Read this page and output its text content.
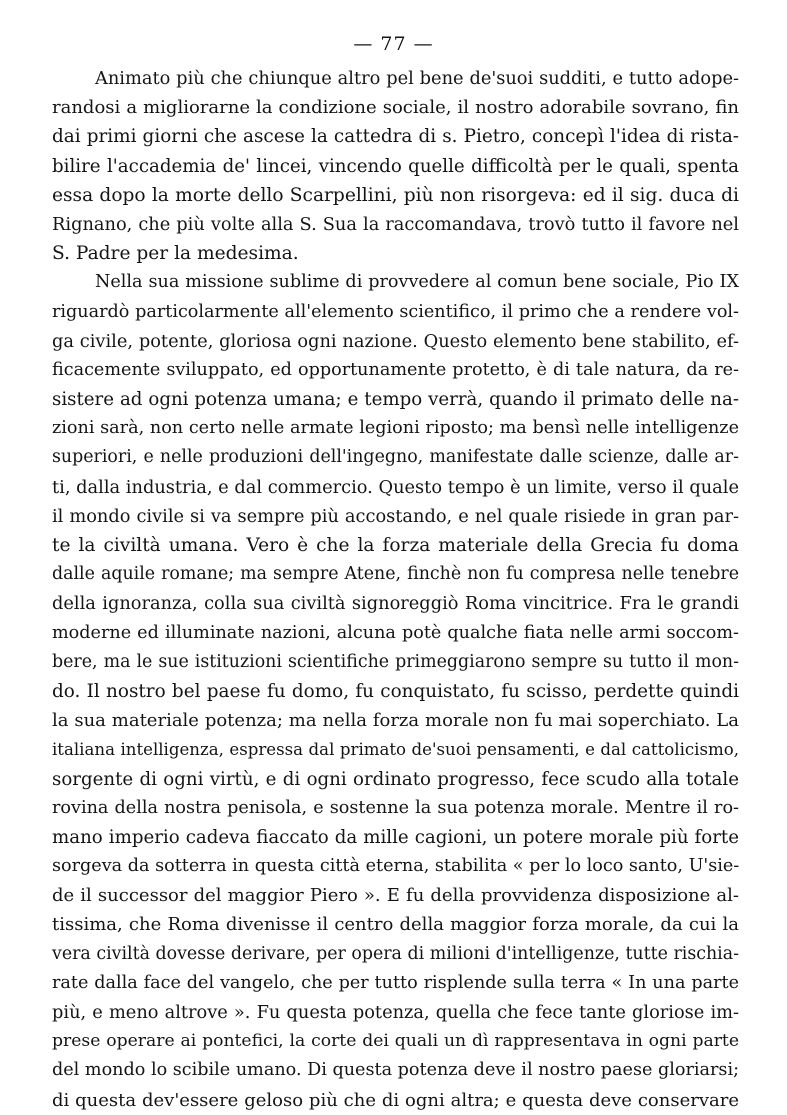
— 77 —
Animato più che chiunque altro pel bene de'suoi sudditi, e tutto adope-
randosi a migliorarne la condizione sociale, il nostro adorabile sovrano, fin
dai primi giorni che ascese la cattedra di s. Pietro, concepì l'idea di rista-
bilire l'accademia de' lincei, vincendo quelle difficoltà per le quali, spenta
essa dopo la morte dello Scarpellini, più non risorgeva: ed il sig. duca di
Rignano, che più volte alla S. Sua la raccomandava, trovò tutto il favore nel
S. Padre per la medesima.
Nella sua missione sublime di provvedere al comun bene sociale, Pio IX
riguardò particolarmente all'elemento scientifico, il primo che a rendere vol-
ga civile, potente, gloriosa ogni nazione. Questo elemento bene stabilito, ef-
ficacemente sviluppato, ed opportunamente protetto, è di tale natura, da re-
sistere ad ogni potenza umana; e tempo verrà, quando il primato delle na-
zioni sarà, non certo nelle armate legioni riposto; ma bensì nelle intelligenze
superiori, e nelle produzioni dell'ingegno, manifestate dalle scienze, dalle ar-
ti, dalla industria, e dal commercio. Questo tempo è un limite, verso il quale
il mondo civile si va sempre più accostando, e nel quale risiede in gran par-
te la civiltà umana. Vero è che la forza materiale della Grecia fu doma
dalle aquile romane; ma sempre Atene, finchè non fu compresa nelle tenebre
della ignoranza, colla sua civiltà signoreggiò Roma vincitrice. Fra le grandi
moderne ed illuminate nazioni, alcuna potè qualche fiata nelle armi soccom-
bere, ma le sue istituzioni scientifiche primeggiarono sempre su tutto il mon-
do. Il nostro bel paese fu domo, fu conquistato, fu scisso, perdette quindi
la sua materiale potenza; ma nella forza morale non fu mai soperchiato. La
italiana intelligenza, espressa dal primato de'suoi pensamenti, e dal cattolicismo,
sorgente di ogni virtù, e di ogni ordinato progresso, fece scudo alla totale
rovina della nostra penisola, e sostenne la sua potenza morale. Mentre il ro-
mano imperio cadeva fiaccato da mille cagioni, un potere morale più forte
sorgeva da sotterra in questa città eterna, stabilita « per lo loco santo, U'sie-
de il successor del maggior Piero ». E fu della provvidenza disposizione al-
tissima, che Roma divenisse il centro della maggior forza morale, da cui la
vera civiltà dovesse derivare, per opera di milioni d'intelligenze, tutte rischia-
rate dalla face del vangelo, che per tutto risplende sulla terra « In una parte
più, e meno altrove ». Fu questa potenza, quella che fece tante gloriose im-
prese operare ai pontefici, la corte dei quali un dì rappresentava in ogni parte
del mondo lo scibile umano. Di questa potenza deve il nostro paese gloriarsi;
di questa dev'essere geloso più che di ogni altra; e questa deve conservare
